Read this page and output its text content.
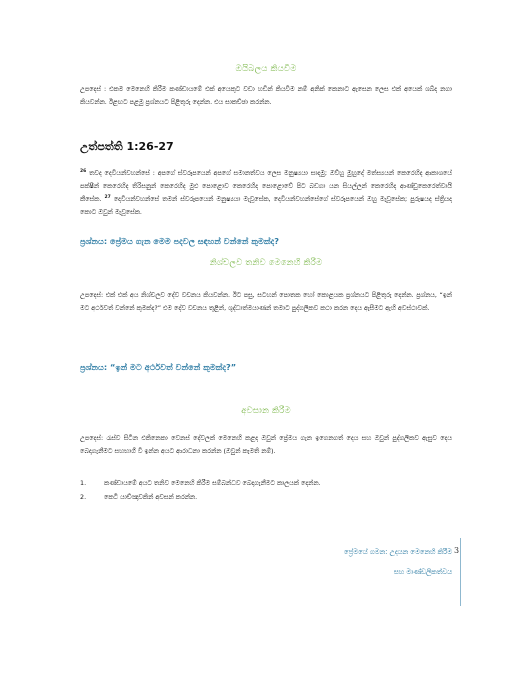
ඔයිබලය කියවීම
උපදෙස් : එකම මෙනෙහි කිරීම කණ්ඩායමේ එක් අයෙකුට වඩා හඩින් කියවීම නම් අනික් කෙනාට ඇසෙන ලෙස එක් අයෙක් ශබ්ද නගා කියවන්න. ඊළඟට පළමු ප්‍රශ්නයට පිළිතුරු දෙන්න. එය සාකච්ඡා කරන්න.
උත්පත්ති 1:26-27
$^{26}$ තවද දෙවියන්වහන්සේ : අපගේ ස්වරූපයෙන් අපගේ සමානත්වය ලෙස මනුෂ්‍යයා සාදමු; ඔව්හු මුහුදේ මත්ස්‍යයන් කෙරෙහිද ආකාශයේ පක්ෂීන් කෙරෙහිද තිරිසනුන් කෙරෙහිද මුළු පොළොව කෙරෙහිද පොළොවේ පිට බඩගා යන සියල්ලන් කෙරෙහිද ආණ්ඩුකෙරෙත්වායි කීසේක. $^{27}$ දෙවියන්වහන්සේ තමන් ස්වරූපයෙන් මනුෂ්‍යයා මැවූසේක, දෙවියන්වහන්සේගේ ස්වරූපයෙන් ඔහු මැවූසේක; පුරුෂයද ස්ත්‍රියද කොට ඔවුන් මැවූසේක.
ප්‍රශ්නය: ප්‍රේමය ගැන මෙම පදවල සඳහන් වන්නේ කුමක්ද?
නිශ්චලව තනිව මෙනෙහි කිරීම
උපදෙස්: එක් එක් අය නිශ්චලව දේව වචනය කියවන්න. ඊට පසු, සටහන් පොතක හෝ කොළයක ප්‍රශ්නයට පිළිතුරු දෙන්න. ප්‍රශ්නය, “ඉන් මට අර්ථවත් වන්නේ කුමක්ද?” එම දේව වචනය තුළින්, ශුද්ධාත්මයාණන් තමාට පුද්ගලිකව කථා කරන දෙය ඇසීමට ඇහි අවස්ථාවක්.
ප්‍රශ්නය: “ඉන් මට අර්ථවත් වන්නේ කුමක්ද?”
අවසාන කිරීම
උපදෙස්: රැස්ව සිටින එකිනෙකා වෙනස් දේවලක් මෙනෙහි කළද ඔවුන් ප්‍රේමය ගැන ඉගෙනගත් දෙය සහ ඔවුන් පුද්ගලිකව ඇසුව දෙය බෙදාගැනීමට සහභාගී වී ඉන්න අයට ආරාධනා කරන්න (ඔවුන් කැමති නම්).
1.	කණ්ඩායමේ අයට තනිව මෙනෙහි කිරීම සම්බන්ධව බෙදාගැනීමට කාලයක් දෙන්න.
2.	කෙටි යාච්ඤාවකින් අවසන් කරන්න.
ප්‍රේමයේ ගමන: උදයන මෙනෙහි කිරීම
සහ මාණ්ඩලිකත්වය
3
